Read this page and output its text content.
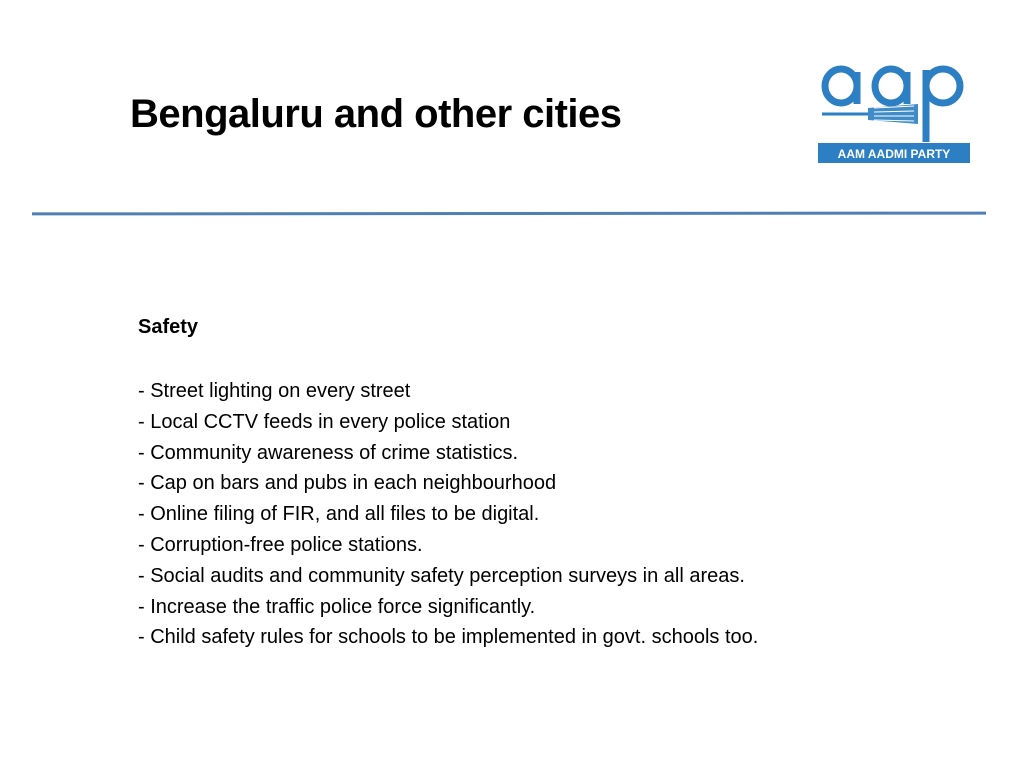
Bengaluru and other cities
AAM AADMI PARTY
Safety
- Street lighting on every street
- Local CCTV feeds in every police station
- Community awareness of crime statistics.
- Cap on bars and pubs in each neighbourhood
- Online filing of FIR, and all files to be digital.
- Corruption-free police stations.
- Social audits and community safety perception surveys in all areas.
- Increase the traffic police force significantly.
- Child safety rules for schools to be implemented in govt. schools too.
